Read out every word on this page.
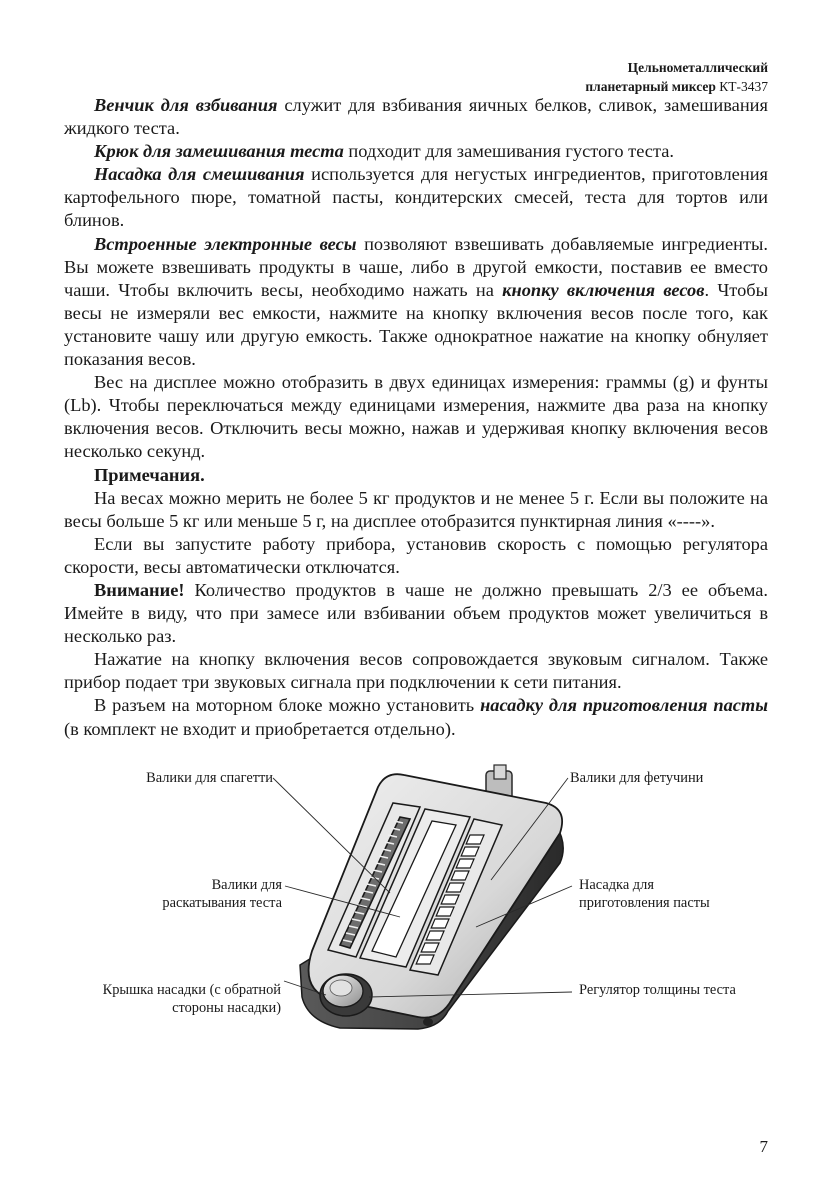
Цельнометаллический
планетарный миксер КТ-3437

Венчик для взбивания служит для взбивания яичных белков, сливок, замешивания жидкого теста.

Крюк для замешивания теста подходит для замешивания густого теста.

Насадка для смешивания используется для негустых ингредиентов, приготовления картофельного пюре, томатной пасты, кондитерских смесей, теста для тортов или блинов.

Встроенные электронные весы позволяют взвешивать добавляемые ингредиенты. Вы можете взвешивать продукты в чаше, либо в другой емкости, поставив ее вместо чаши. Чтобы включить весы, необходимо нажать на кнопку включения весов. Чтобы весы не измеряли вес емкости, нажмите на кнопку включения весов после того, как установите чашу или другую емкость. Также однократное нажатие на кнопку обнуляет показания весов.

Вес на дисплее можно отобразить в двух единицах измерения: граммы (g) и фунты (Lb). Чтобы переключаться между единицами измерения, нажмите два раза на кнопку включения весов. Отключить весы можно, нажав и удерживая кнопку включения весов несколько секунд.

Примечания.

На весах можно мерить не более 5 кг продуктов и не менее 5 г. Если вы положите на весы больше 5 кг или меньше 5 г, на дисплее отобразится пунктирная линия «----».

Если вы запустите работу прибора, установив скорость с помощью регулятора скорости, весы автоматически отключатся.

Внимание! Количество продуктов в чаше не должно превышать 2/3 ее объема. Имейте в виду, что при замесе или взбивании объем продуктов может увеличиться в несколько раз.

Нажатие на кнопку включения весов сопровождается звуковым сигналом. Также прибор подает три звуковых сигнала при подключении к сети питания.

В разъем на моторном блоке можно установить насадку для приготовления пасты (в комплект не входит и приобретается отдельно).

Валики для спагетти	Валики для фетучини
Валики для
раскатывания теста
Насадка для
приготовления пасты
Крышка насадки (с обратной
стороны насадки)
Регулятор толщины теста
7
